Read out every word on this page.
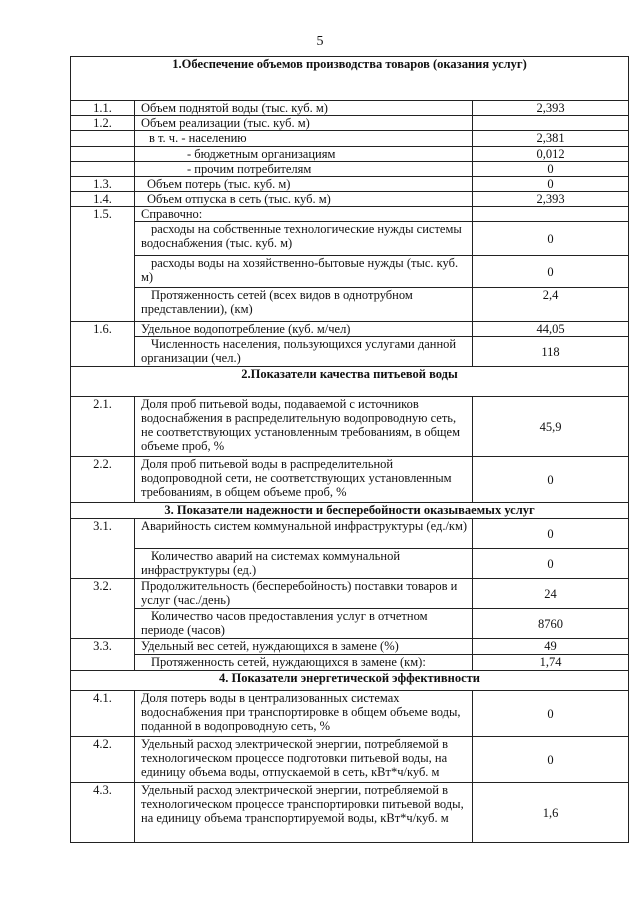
5
1.Обеспечение объемов производства товаров (оказания услуг)		
1.1.	Объем поднятой воды (тыс. куб. м)	2,393
1.2.	Объем реализации (тыс. куб. м)	
	в т. ч. - населению	2,381
	- бюджетным организациям	0,012
	- прочим потребителям	0
1.3.	Объем потерь (тыс. куб. м)	0
1.4.	Объем отпуска в сеть (тыс. куб. м)	2,393
1.5.	Справочно:	
	расходы на собственные технологические нужды системы водоснабжения (тыс. куб. м)	0
	расходы воды на хозяйственно-бытовые нужды (тыс. куб. м)	0
	Протяженность сетей (всех видов в однотрубном представлении), (км)	2,4
1.6.	Удельное водопотребление (куб. м/чел)	44,05
	Численность населения, пользующихся услугами данной организации (чел.)	118
2.Показатели качества питьевой воды		
2.1.	Доля проб питьевой воды, подаваемой с источников водоснабжения в распределительную водопроводную сеть, не соответствующих установленным требованиям, в общем объеме проб, %	45,9
2.2.	Доля проб питьевой воды в распределительной водопроводной сети, не соответствующих установленным требованиям, в общем объеме проб, %	0
3. Показатели надежности и бесперебойности оказываемых услуг		
3.1.	Аварийность систем коммунальной инфраструктуры (ед./км)	0
	Количество аварий на системах коммунальной инфраструктуры (ед.)	0
3.2.	Продолжительность (бесперебойность) поставки товаров и услуг (час./день)	24
	Количество часов предоставления услуг в отчетном периоде (часов)	8760
3.3.	Удельный вес сетей, нуждающихся в замене (%)	49
	Протяженность сетей, нуждающихся в замене (км):	1,74
4. Показатели энергетической эффективности		
4.1.	Доля потерь воды в централизованных системах водоснабжения при транспортировке в общем объеме воды, поданной в водопроводную сеть, %	0
4.2.	Удельный расход электрической энергии, потребляемой в технологическом процессе подготовки питьевой воды, на единицу объема воды, отпускаемой в сеть, кВт*ч/куб. м	0
4.3.	Удельный расход электрической энергии, потребляемой в технологическом процессе транспортировки питьевой воды, на единицу объема транспортируемой воды, кВт*ч/куб. м	1,6
